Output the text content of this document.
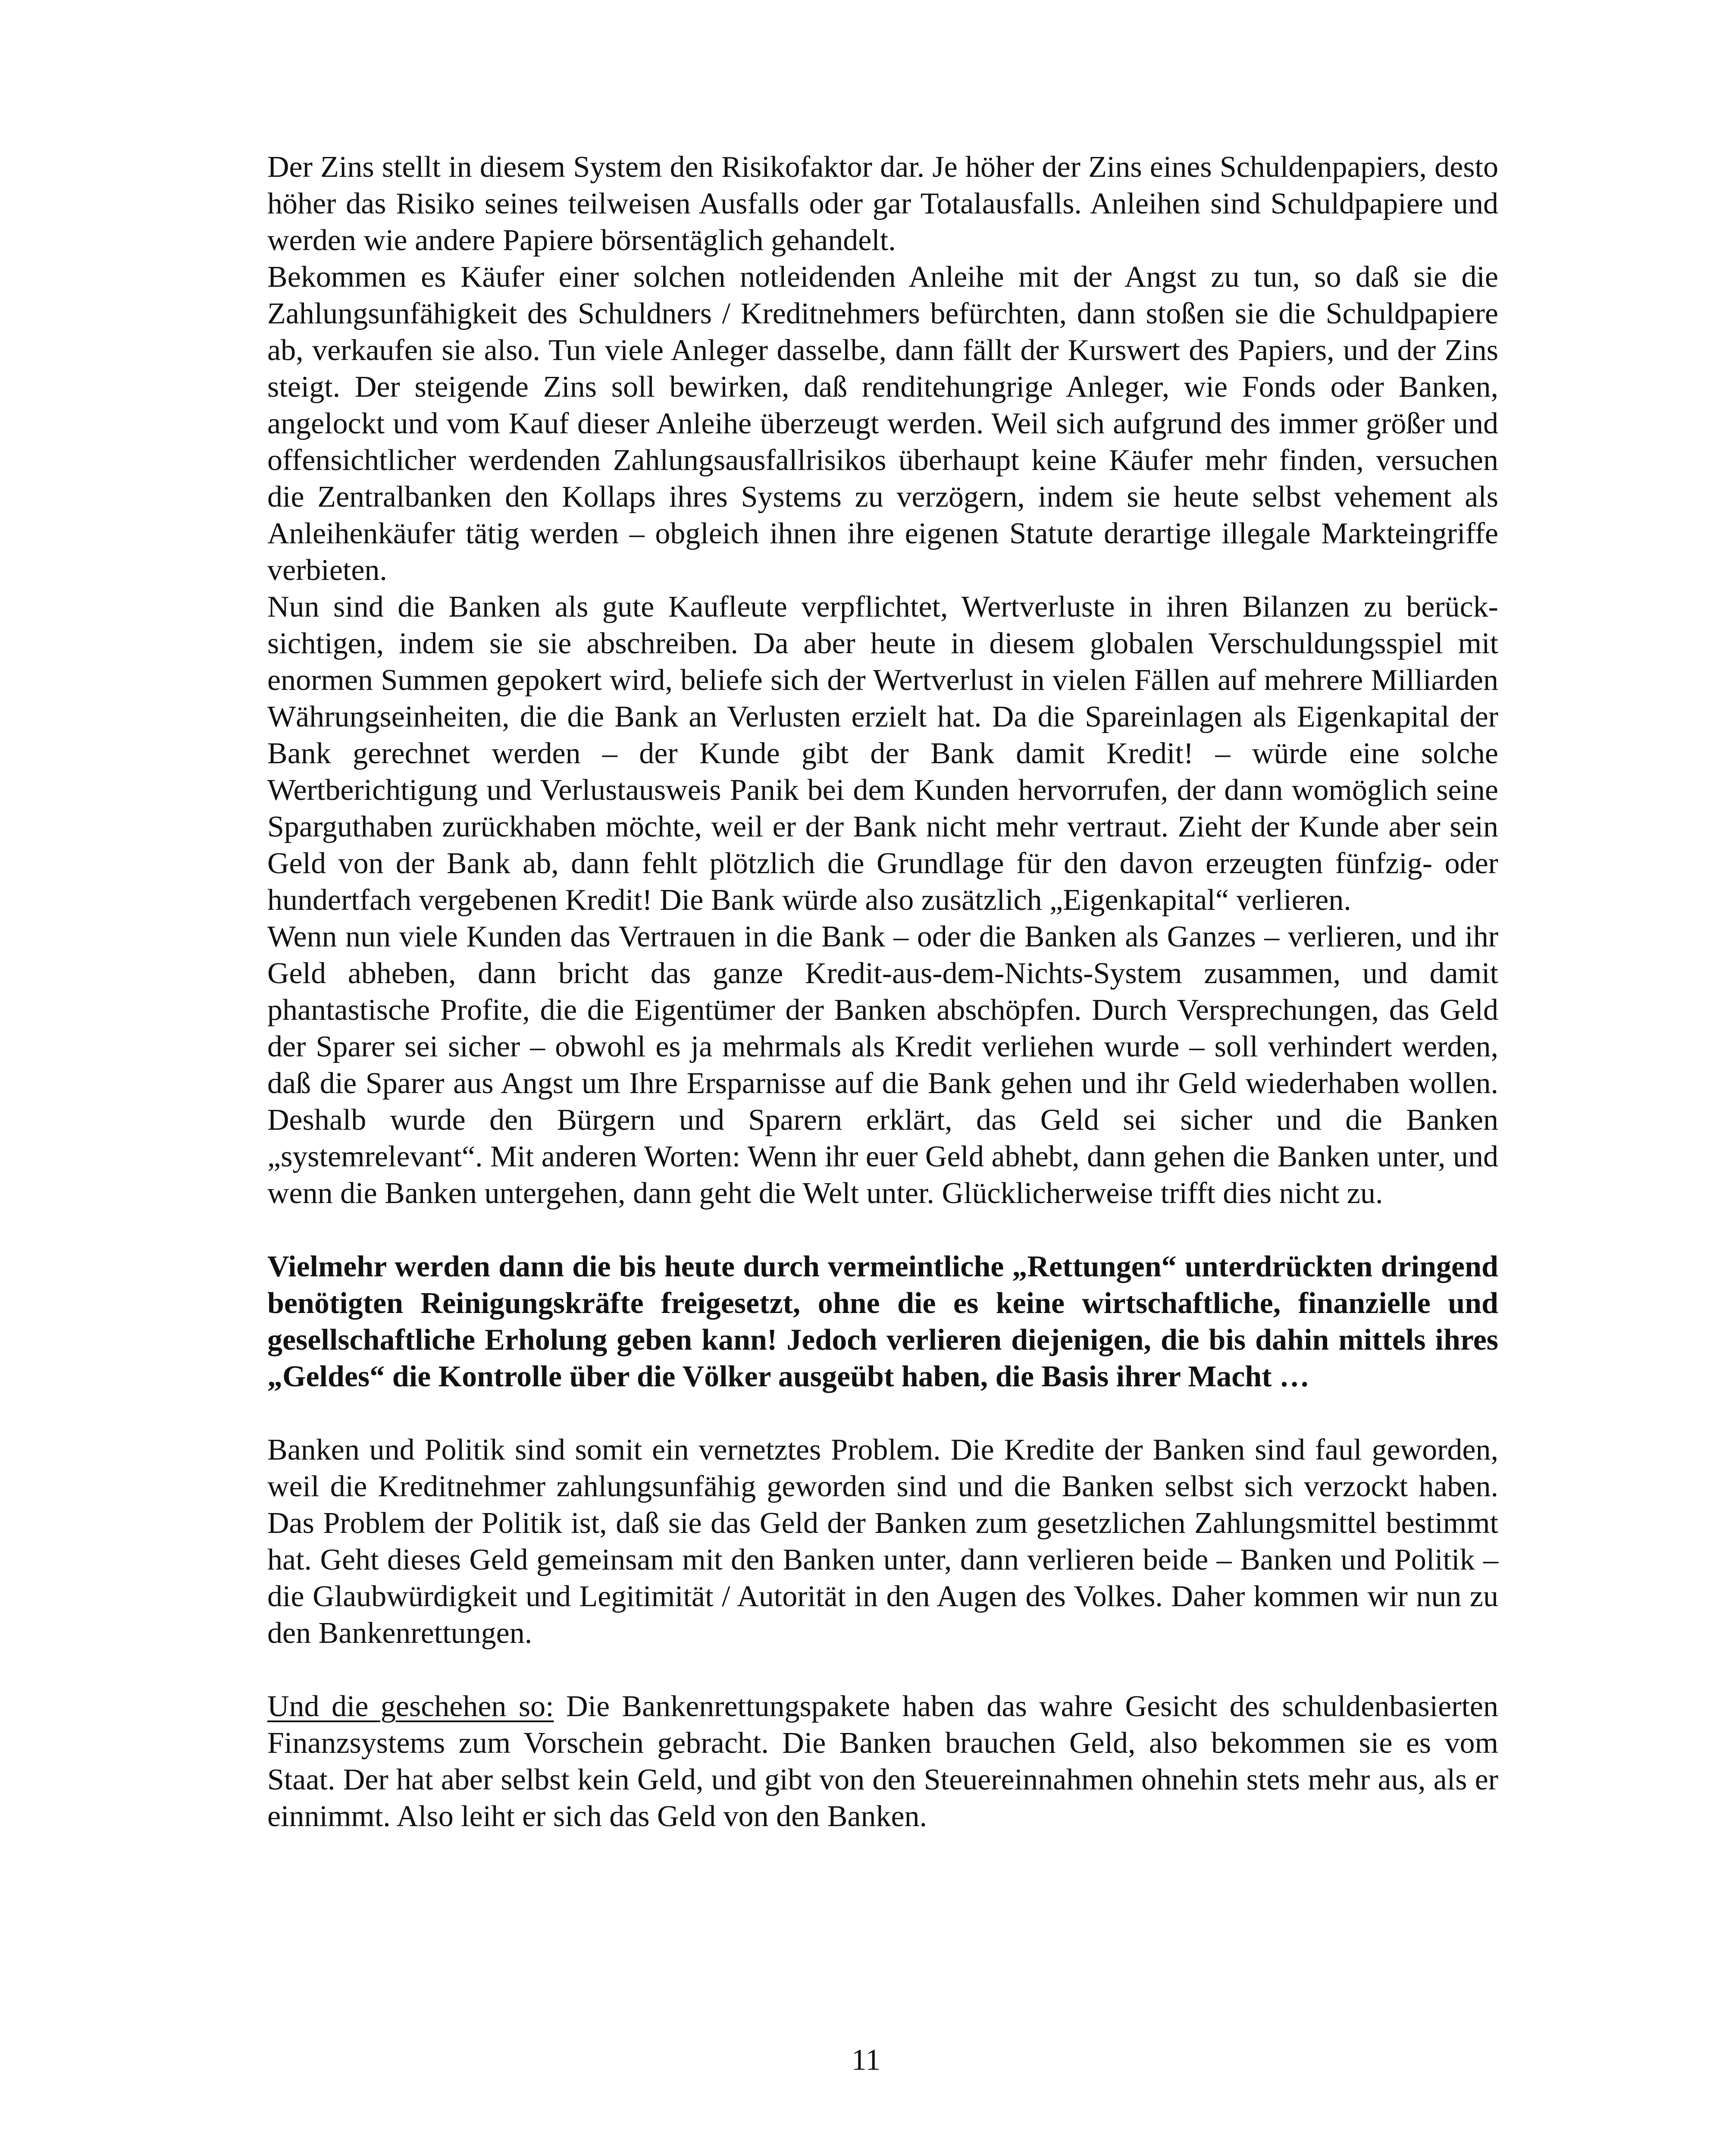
Der Zins stellt in diesem System den Risikofaktor dar. Je höher der Zins eines Schuldenpapiers, desto höher das Risiko seines teilweisen Ausfalls oder gar Totalausfalls. Anleihen sind Schuldpapiere und werden wie andere Papiere börsentäglich gehandelt.

Bekommen es Käufer einer solchen notleidenden Anleihe mit der Angst zu tun, so daß sie die Zahlungsunfähigkeit des Schuldners / Kreditnehmers befürchten, dann stoßen sie die Schuldpapiere ab, verkaufen sie also. Tun viele Anleger dasselbe, dann fällt der Kurswert des Papiers, und der Zins steigt. Der steigende Zins soll bewirken, daß renditehungrige Anleger, wie Fonds oder Banken, angelockt und vom Kauf dieser Anleihe überzeugt werden. Weil sich aufgrund des immer größer und offensichtlicher werdenden Zahlungsausfallrisikos überhaupt keine Käufer mehr finden, versuchen die Zentralbanken den Kollaps ihres Systems zu verzögern, indem sie heute selbst vehement als Anleihenkäufer tätig werden – obgleich ihnen ihre eigenen Statute derartige illegale Markteingriffe verbieten.

Nun sind die Banken als gute Kaufleute verpflichtet, Wertverluste in ihren Bilanzen zu berück-sichtigen, indem sie sie abschreiben. Da aber heute in diesem globalen Verschuldungsspiel mit enormen Summen gepokert wird, beliefe sich der Wertverlust in vielen Fällen auf mehrere Milliarden Währungseinheiten, die die Bank an Verlusten erzielt hat. Da die Spareinlagen als Eigenkapital der Bank gerechnet werden – der Kunde gibt der Bank damit Kredit! – würde eine solche Wertberichtigung und Verlustausweis Panik bei dem Kunden hervorrufen, der dann womöglich seine Sparguthaben zurückhaben möchte, weil er der Bank nicht mehr vertraut. Zieht der Kunde aber sein Geld von der Bank ab, dann fehlt plötzlich die Grundlage für den davon erzeugten fünfzig- oder hundertfach vergebenen Kredit! Die Bank würde also zusätzlich „Eigenkapital“ verlieren.

Wenn nun viele Kunden das Vertrauen in die Bank – oder die Banken als Ganzes – verlieren, und ihr Geld abheben, dann bricht das ganze Kredit-aus-dem-Nichts-System zusammen, und damit phantastische Profite, die die Eigentümer der Banken abschöpfen. Durch Versprechungen, das Geld der Sparer sei sicher – obwohl es ja mehrmals als Kredit verliehen wurde – soll verhindert werden, daß die Sparer aus Angst um Ihre Ersparnisse auf die Bank gehen und ihr Geld wiederhaben wollen. Deshalb wurde den Bürgern und Sparern erklärt, das Geld sei sicher und die Banken „systemrelevant“. Mit anderen Worten: Wenn ihr euer Geld abhebt, dann gehen die Banken unter, und wenn die Banken untergehen, dann geht die Welt unter. Glücklicherweise trifft dies nicht zu.

Vielmehr werden dann die bis heute durch vermeintliche „Rettungen“ unterdrückten dringend benötigten Reinigungskräfte freigesetzt, ohne die es keine wirtschaftliche, finanzielle und gesellschaftliche Erholung geben kann! Jedoch verlieren diejenigen, die bis dahin mittels ihres „Geldes“ die Kontrolle über die Völker ausgeübt haben, die Basis ihrer Macht …

Banken und Politik sind somit ein vernetztes Problem. Die Kredite der Banken sind faul geworden, weil die Kreditnehmer zahlungsunfähig geworden sind und die Banken selbst sich verzockt haben. Das Problem der Politik ist, daß sie das Geld der Banken zum gesetzlichen Zahlungsmittel bestimmt hat. Geht dieses Geld gemeinsam mit den Banken unter, dann verlieren beide – Banken und Politik – die Glaubwürdigkeit und Legitimität / Autorität in den Augen des Volkes. Daher kommen wir nun zu den Bankenrettungen.

Und die geschehen so: Die Bankenrettungspakete haben das wahre Gesicht des schuldenbasierten Finanzsystems zum Vorschein gebracht. Die Banken brauchen Geld, also bekommen sie es vom Staat. Der hat aber selbst kein Geld, und gibt von den Steuereinnahmen ohnehin stets mehr aus, als er einnimmt. Also leiht er sich das Geld von den Banken.

11
